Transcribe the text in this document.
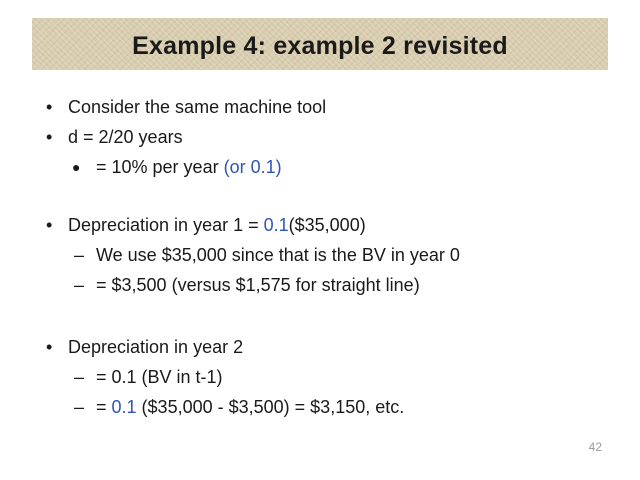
Example 4: example 2 revisited
• Consider the same machine tool
• d = 2/20 years
● = 10% per year (or 0.1)
• Depreciation in year 1 = 0.1($35,000)
– We use $35,000 since that is the BV in year 0
– = $3,500 (versus $1,575 for straight line)
• Depreciation in year 2
– = 0.1 (BV in t-1)
– = 0.1 ($35,000 - $3,500) = $3,150, etc.
42
